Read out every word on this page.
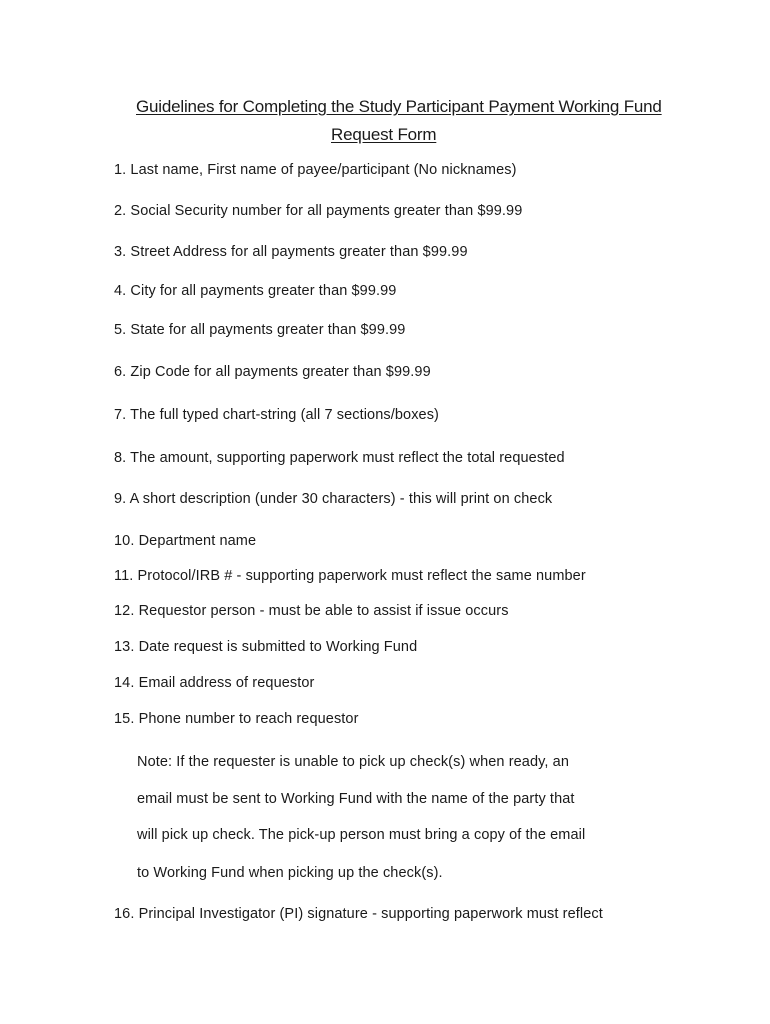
Guidelines for Completing the Study Participant Payment Working Fund
Request Form
1. Last name, First name of payee/participant (No nicknames)
2. Social Security number for all payments greater than $99.99
3. Street Address for all payments greater than $99.99
4. City for all payments greater than $99.99
5. State for all payments greater than $99.99
6. Zip Code for all payments greater than $99.99
7. The full typed chart-string (all 7 sections/boxes)
8. The amount, supporting paperwork must reflect the total requested
9. A short description (under 30 characters) - this will print on check
10. Department name
11. Protocol/IRB # - supporting paperwork must reflect the same number
12. Requestor person - must be able to assist if issue occurs
13. Date request is submitted to Working Fund
14. Email address of requestor
15. Phone number to reach requestor
Note: If the requester is unable to pick up check(s) when ready, an
email must be sent to Working Fund with the name of the party that
will pick up check. The pick-up person must bring a copy of the email
to Working Fund when picking up the check(s).
16. Principal Investigator (PI) signature - supporting paperwork must reflect
